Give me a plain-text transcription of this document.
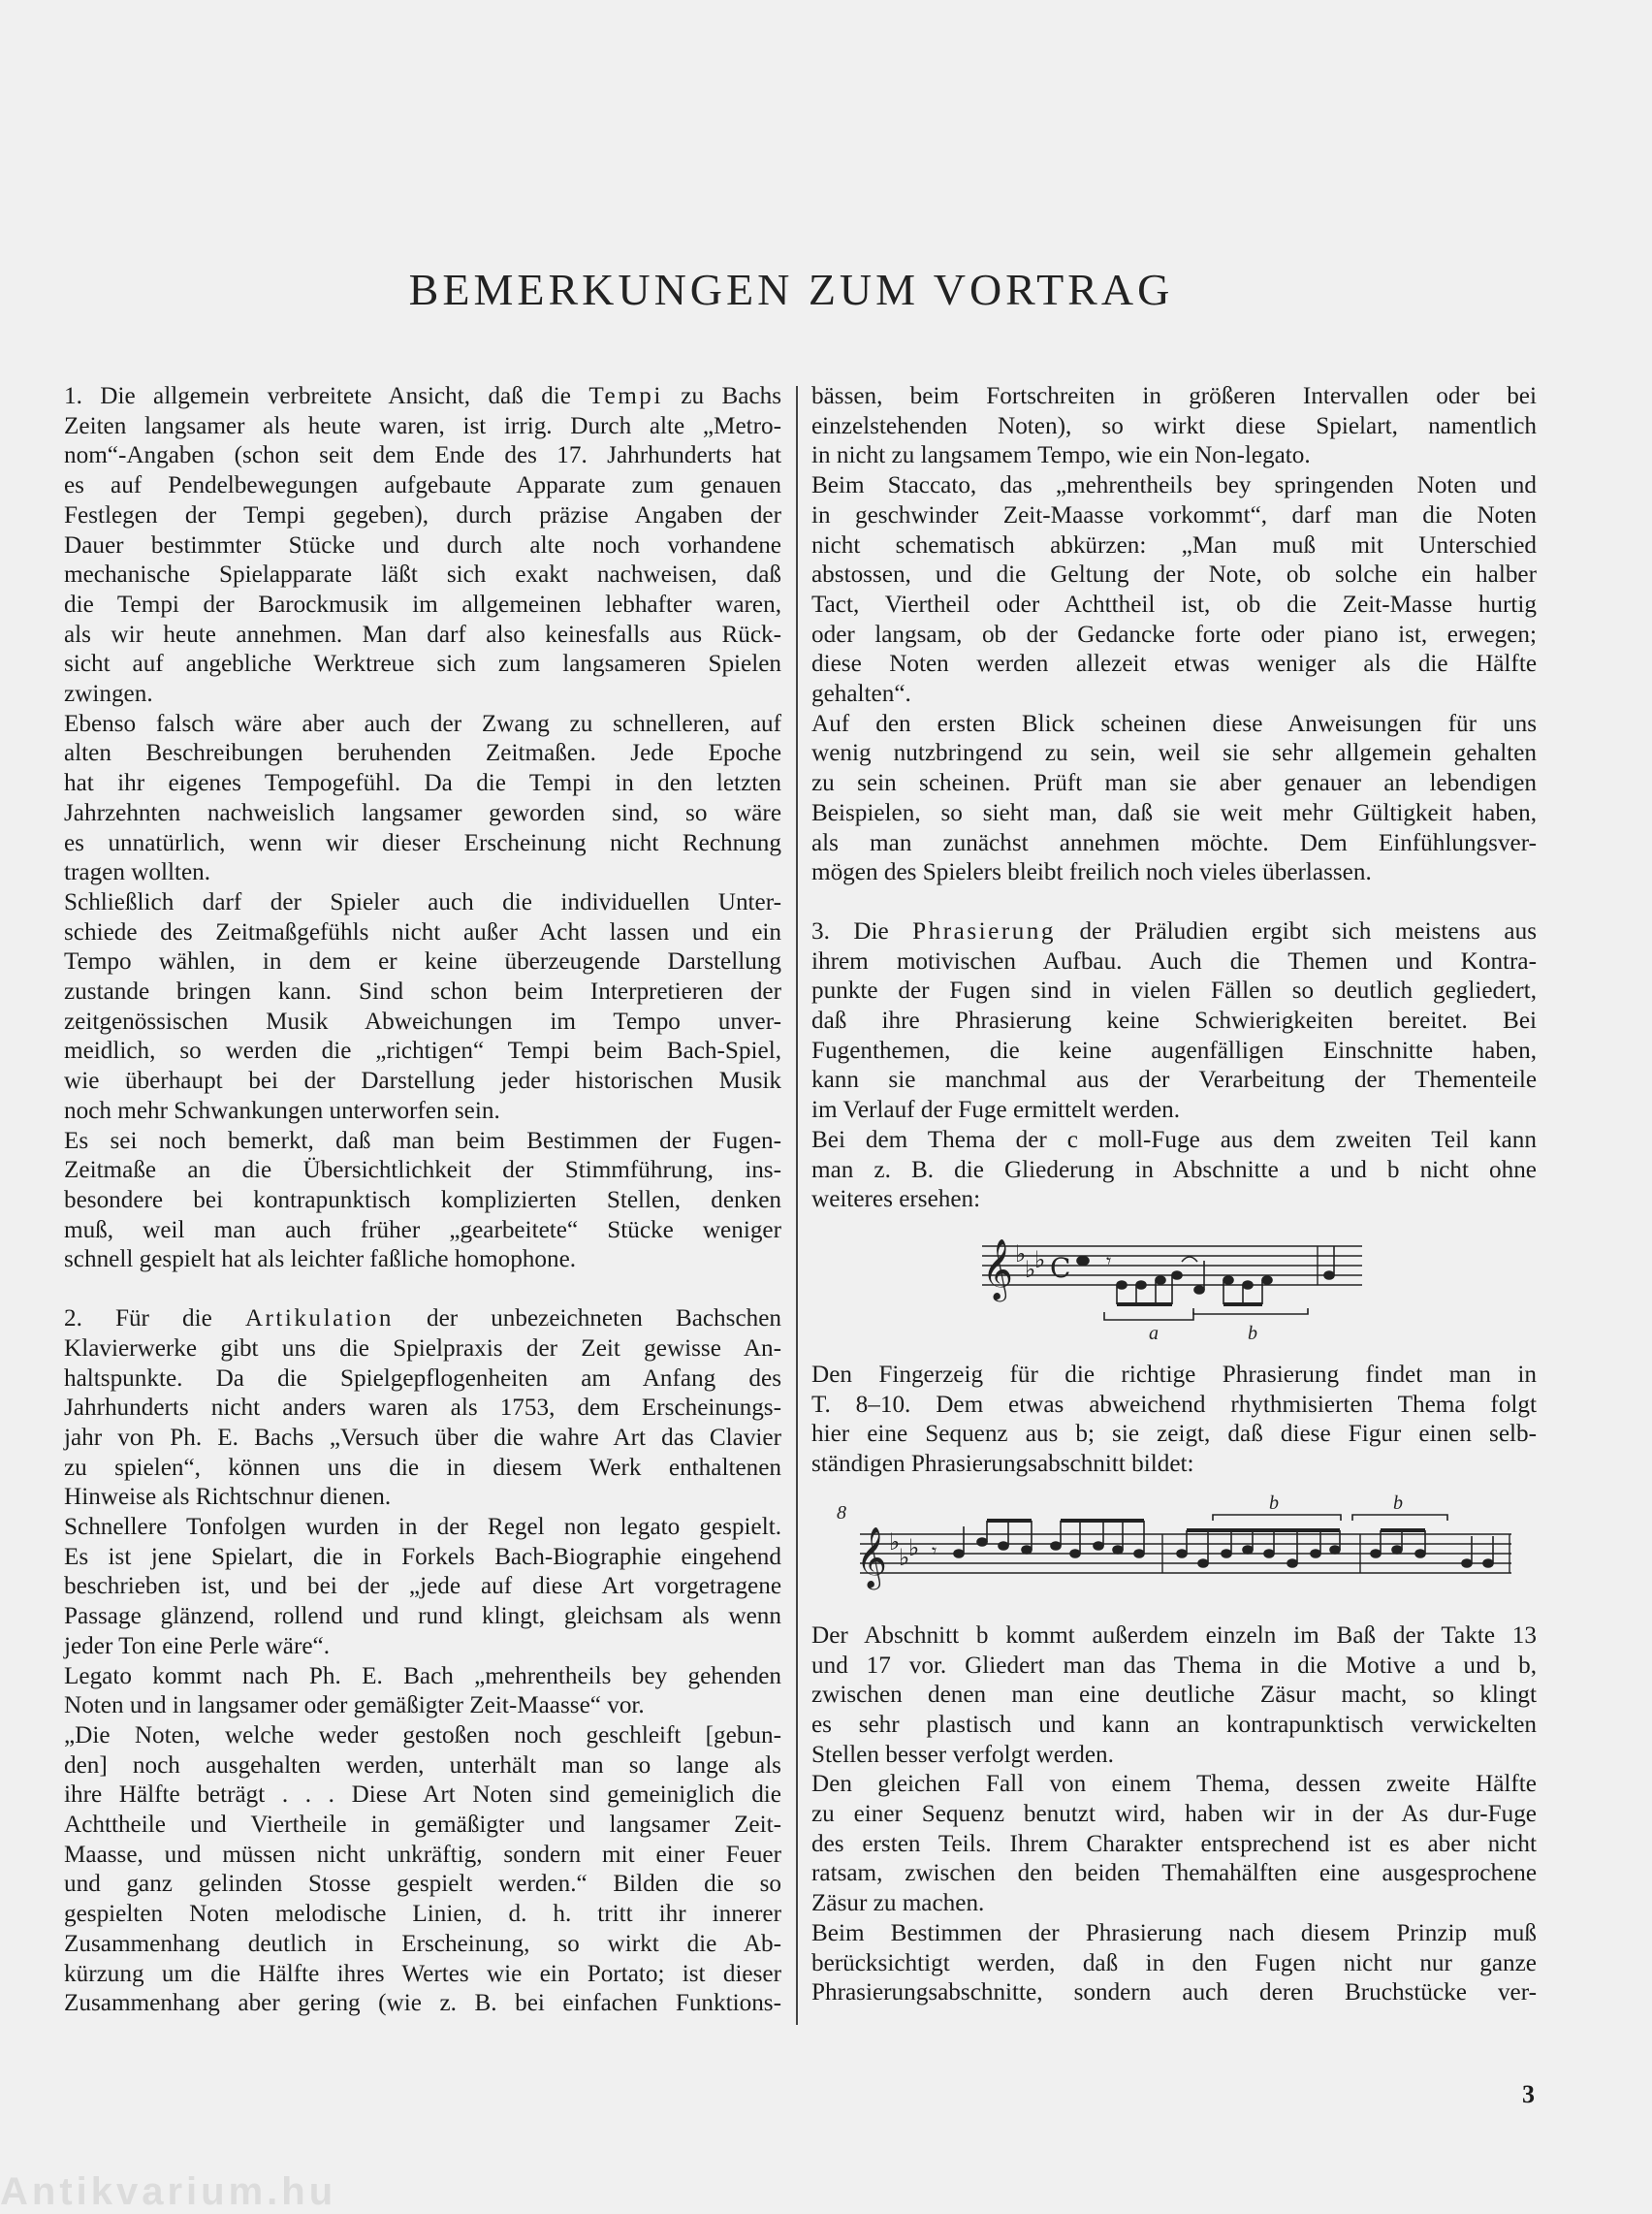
BEMERKUNGEN ZUM VORTRAG

1. Die allgemein verbreitete Ansicht, daß die Tempi zu Bachs

Zeiten langsamer als heute waren, ist irrig. Durch alte „Metro-

nom“-Angaben (schon seit dem Ende des 17. Jahrhunderts hat

es auf Pendelbewegungen aufgebaute Apparate zum genauen

Festlegen der Tempi gegeben), durch präzise Angaben der

Dauer bestimmter Stücke und durch alte noch vorhandene

mechanische Spielapparate läßt sich exakt nachweisen, daß

die Tempi der Barockmusik im allgemeinen lebhafter waren,

als wir heute annehmen. Man darf also keinesfalls aus Rück-

sicht auf angebliche Werktreue sich zum langsameren Spielen

zwingen.

Ebenso falsch wäre aber auch der Zwang zu schnelleren, auf

alten Beschreibungen beruhenden Zeitmaßen. Jede Epoche

hat ihr eigenes Tempogefühl. Da die Tempi in den letzten

Jahrzehnten nachweislich langsamer geworden sind, so wäre

es unnatürlich, wenn wir dieser Erscheinung nicht Rechnung

tragen wollten.

Schließlich darf der Spieler auch die individuellen Unter-

schiede des Zeitmaßgefühls nicht außer Acht lassen und ein

Tempo wählen, in dem er keine überzeugende Darstellung

zustande bringen kann. Sind schon beim Interpretieren der

zeitgenössischen Musik Abweichungen im Tempo unver-

meidlich, so werden die „richtigen“ Tempi beim Bach-Spiel,

wie überhaupt bei der Darstellung jeder historischen Musik

noch mehr Schwankungen unterworfen sein.

Es sei noch bemerkt, daß man beim Bestimmen der Fugen-

Zeitmaße an die Übersichtlichkeit der Stimmführung, ins-

besondere bei kontrapunktisch komplizierten Stellen, denken

muß, weil man auch früher „gearbeitete“ Stücke weniger

schnell gespielt hat als leichter faßliche homophone.

2. Für die Artikulation der unbezeichneten Bachschen

Klavierwerke gibt uns die Spielpraxis der Zeit gewisse An-

haltspunkte. Da die Spielgepflogenheiten am Anfang des

Jahrhunderts nicht anders waren als 1753, dem Erscheinungs-

jahr von Ph. E. Bachs „Versuch über die wahre Art das Clavier

zu spielen“, können uns die in diesem Werk enthaltenen

Hinweise als Richtschnur dienen.

Schnellere Tonfolgen wurden in der Regel non legato gespielt.

Es ist jene Spielart, die in Forkels Bach-Biographie eingehend

beschrieben ist, und bei der „jede auf diese Art vorgetragene

Passage glänzend, rollend und rund klingt, gleichsam als wenn

jeder Ton eine Perle wäre“.

Legato kommt nach Ph. E. Bach „mehrentheils bey gehenden

Noten und in langsamer oder gemäßigter Zeit-Maasse“ vor.

„Die Noten, welche weder gestoßen noch geschleift [gebun-

den] noch ausgehalten werden, unterhält man so lange als

ihre Hälfte beträgt . . . Diese Art Noten sind gemeiniglich die

Achttheile und Viertheile in gemäßigter und langsamer Zeit-

Maasse, und müssen nicht unkräftig, sondern mit einer Feuer

und ganz gelinden Stosse gespielt werden.“ Bilden die so

gespielten Noten melodische Linien, d. h. tritt ihr innerer

Zusammenhang deutlich in Erscheinung, so wirkt die Ab-

kürzung um die Hälfte ihres Wertes wie ein Portato; ist dieser

Zusammenhang aber gering (wie z. B. bei einfachen Funktions-

bässen, beim Fortschreiten in größeren Intervallen oder bei

einzelstehenden Noten), so wirkt diese Spielart, namentlich

in nicht zu langsamem Tempo, wie ein Non-legato.

Beim Staccato, das „mehrentheils bey springenden Noten und

in geschwinder Zeit-Maasse vorkommt“, darf man die Noten

nicht schematisch abkürzen: „Man muß mit Unterschied

abstossen, und die Geltung der Note, ob solche ein halber

Tact, Viertheil oder Achttheil ist, ob die Zeit-Masse hurtig

oder langsam, ob der Gedancke forte oder piano ist, erwegen;

diese Noten werden allezeit etwas weniger als die Hälfte

gehalten“.

Auf den ersten Blick scheinen diese Anweisungen für uns

wenig nutzbringend zu sein, weil sie sehr allgemein gehalten

zu sein scheinen. Prüft man sie aber genauer an lebendigen

Beispielen, so sieht man, daß sie weit mehr Gültigkeit haben,

als man zunächst annehmen möchte. Dem Einfühlungsver-

mögen des Spielers bleibt freilich noch vieles überlassen.

3. Die Phrasierung der Präludien ergibt sich meistens aus

ihrem motivischen Aufbau. Auch die Themen und Kontra-

punkte der Fugen sind in vielen Fällen so deutlich gegliedert,

daß ihre Phrasierung keine Schwierigkeiten bereitet. Bei

Fugenthemen, die keine augenfälligen Einschnitte haben,

kann sie manchmal aus der Verarbeitung der Thementeile

im Verlauf der Fuge ermittelt werden.

Bei dem Thema der c moll-Fuge aus dem zweiten Teil kann

man z. B. die Gliederung in Abschnitte a und b nicht ohne

weiteres ersehen:

𝄞 ♭
♭
♭ C 𝄾
a	b

Den Fingerzeig für die richtige Phrasierung findet man in

T. 8–10. Dem etwas abweichend rhythmisierten Thema folgt

hier eine Sequenz aus b; sie zeigt, daß diese Figur einen selb-

ständigen Phrasierungsabschnitt bildet:

8
𝄞 ♭
♭
♭ 𝄾
b	b

Der Abschnitt b kommt außerdem einzeln im Baß der Takte 13

und 17 vor. Gliedert man das Thema in die Motive a und b,

zwischen denen man eine deutliche Zäsur macht, so klingt

es sehr plastisch und kann an kontrapunktisch verwickelten

Stellen besser verfolgt werden.

Den gleichen Fall von einem Thema, dessen zweite Hälfte

zu einer Sequenz benutzt wird, haben wir in der As dur-Fuge

des ersten Teils. Ihrem Charakter entsprechend ist es aber nicht

ratsam, zwischen den beiden Themahälften eine ausgesprochene

Zäsur zu machen.

Beim Bestimmen der Phrasierung nach diesem Prinzip muß

berücksichtigt werden, daß in den Fugen nicht nur ganze

Phrasierungsabschnitte, sondern auch deren Bruchstücke ver-

3
Antikvarium.hu
